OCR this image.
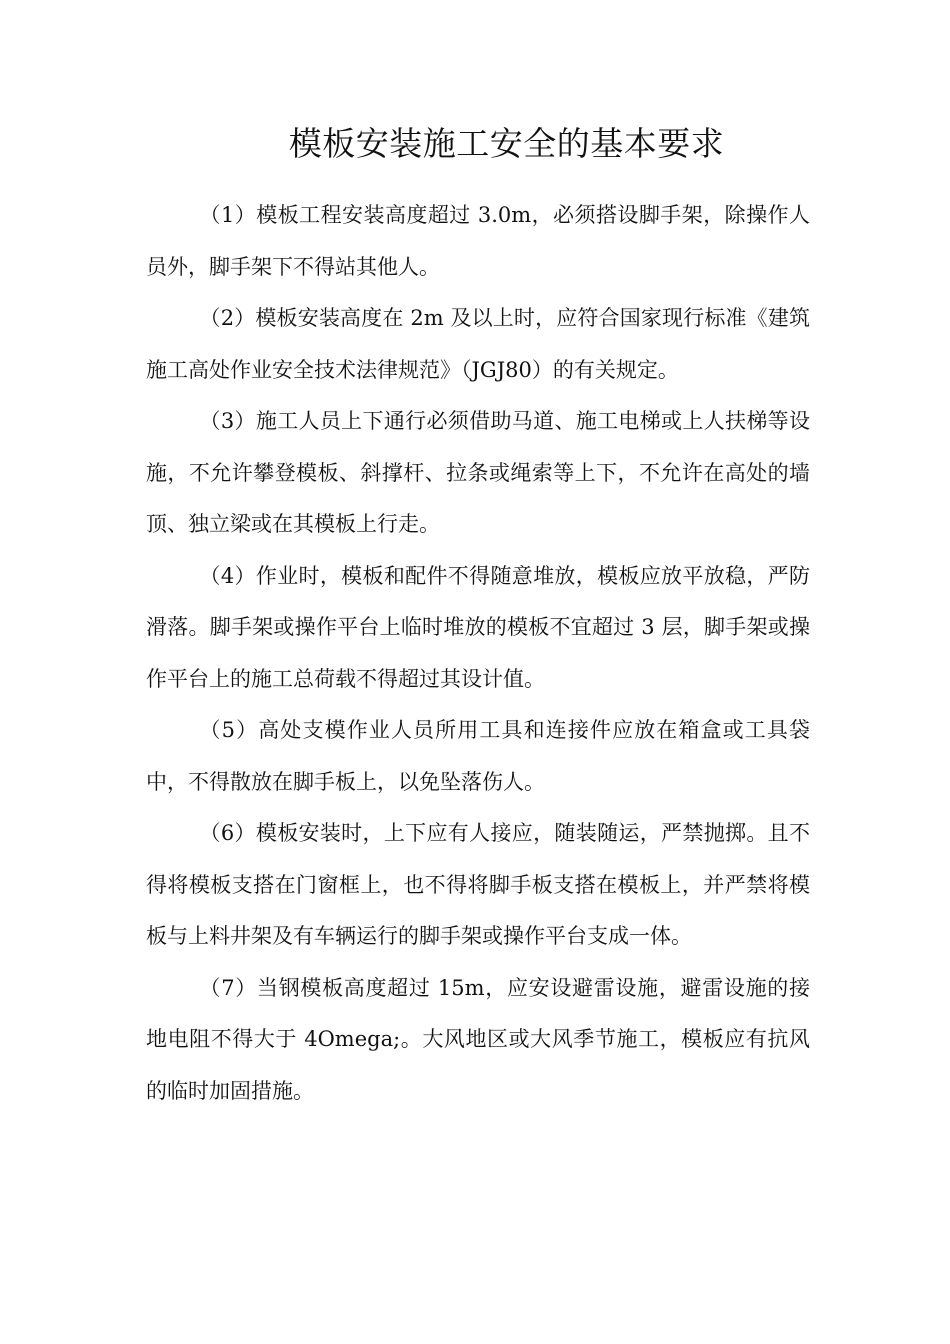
模板安装施工安全的基本要求

（1）模板工程安装高度超过 3.0m，必须搭设脚手架，除操作人员外，脚手架下不得站其他人。

（2）模板安装高度在 2m 及以上时，应符合国家现行标准《建筑施工高处作业安全技术法律规范》（JGJ80）的有关规定。

（3）施工人员上下通行必须借助马道、施工电梯或上人扶梯等设施，不允许攀登模板、斜撑杆、拉条或绳索等上下，不允许在高处的墙顶、独立梁或在其模板上行走。

（4）作业时，模板和配件不得随意堆放，模板应放平放稳，严防滑落。脚手架或操作平台上临时堆放的模板不宜超过 3 层，脚手架或操作平台上的施工总荷载不得超过其设计值。

（5）高处支模作业人员所用工具和连接件应放在箱盒或工具袋中，不得散放在脚手板上，以免坠落伤人。

（6）模板安装时，上下应有人接应，随装随运，严禁抛掷。且不得将模板支搭在门窗框上，也不得将脚手板支搭在模板上，并严禁将模板与上料井架及有车辆运行的脚手架或操作平台支成一体。

（7）当钢模板高度超过 15m，应安设避雷设施，避雷设施的接地电阻不得大于 4Omega;。大风地区或大风季节施工，模板应有抗风的临时加固措施。
